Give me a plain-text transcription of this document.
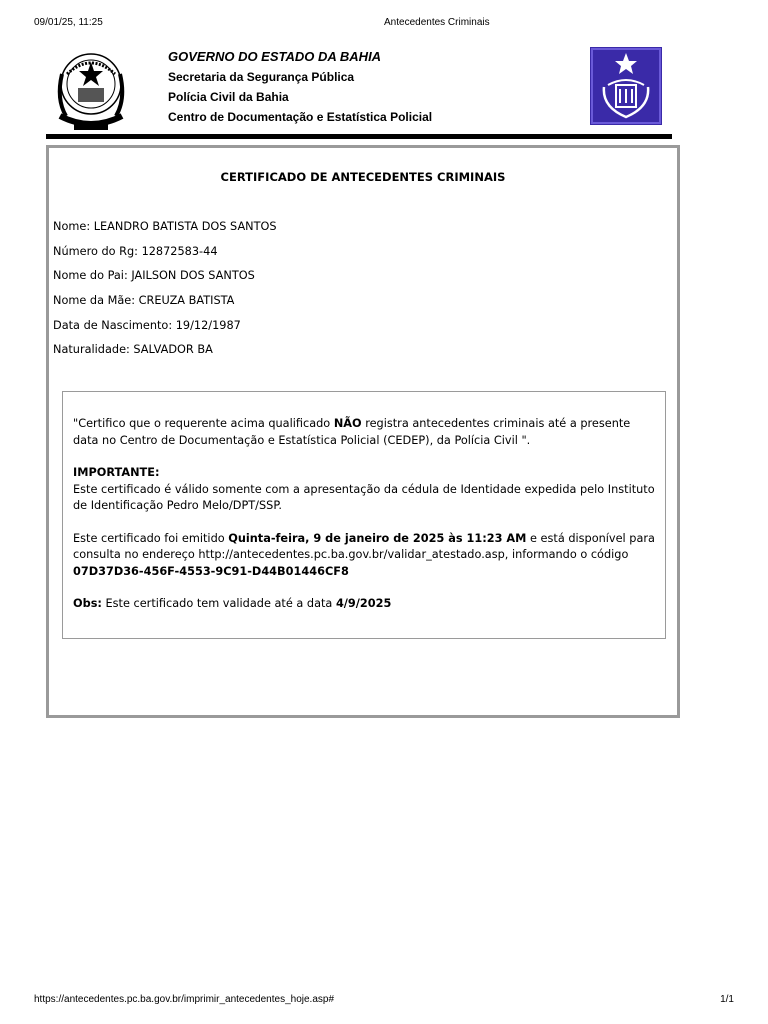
09/01/25, 11:25	Antecedentes Criminais
GOVERNO DO ESTADO DA BAHIA
Secretaria da Segurança Pública
Polícia Civil da Bahia
Centro de Documentação e Estatística Policial
CERTIFICADO DE ANTECEDENTES CRIMINAIS
Nome: LEANDRO BATISTA DOS SANTOS
Número do Rg: 12872583-44
Nome do Pai: JAILSON DOS SANTOS
Nome da Mãe: CREUZA BATISTA
Data de Nascimento: 19/12/1987
Naturalidade: SALVADOR BA

"Certifico que o requerente acima qualificado NÃO registra antecedentes criminais até a presente data no Centro de Documentação e Estatística Policial (CEDEP), da Polícia Civil ".

IMPORTANTE:
Este certificado é válido somente com a apresentação da cédula de Identidade expedida pelo Instituto de Identificação Pedro Melo/DPT/SSP.

Este certificado foi emitido Quinta-feira, 9 de janeiro de 2025 às 11:23 AM e está disponível para consulta no endereço http://antecedentes.pc.ba.gov.br/validar_atestado.asp, informando o código
07D37D36-456F-4553-9C91-D44B01446CF8

Obs: Este certificado tem validade até a data 4/9/2025

https://antecedentes.pc.ba.gov.br/imprimir_antecedentes_hoje.asp#	1/1
